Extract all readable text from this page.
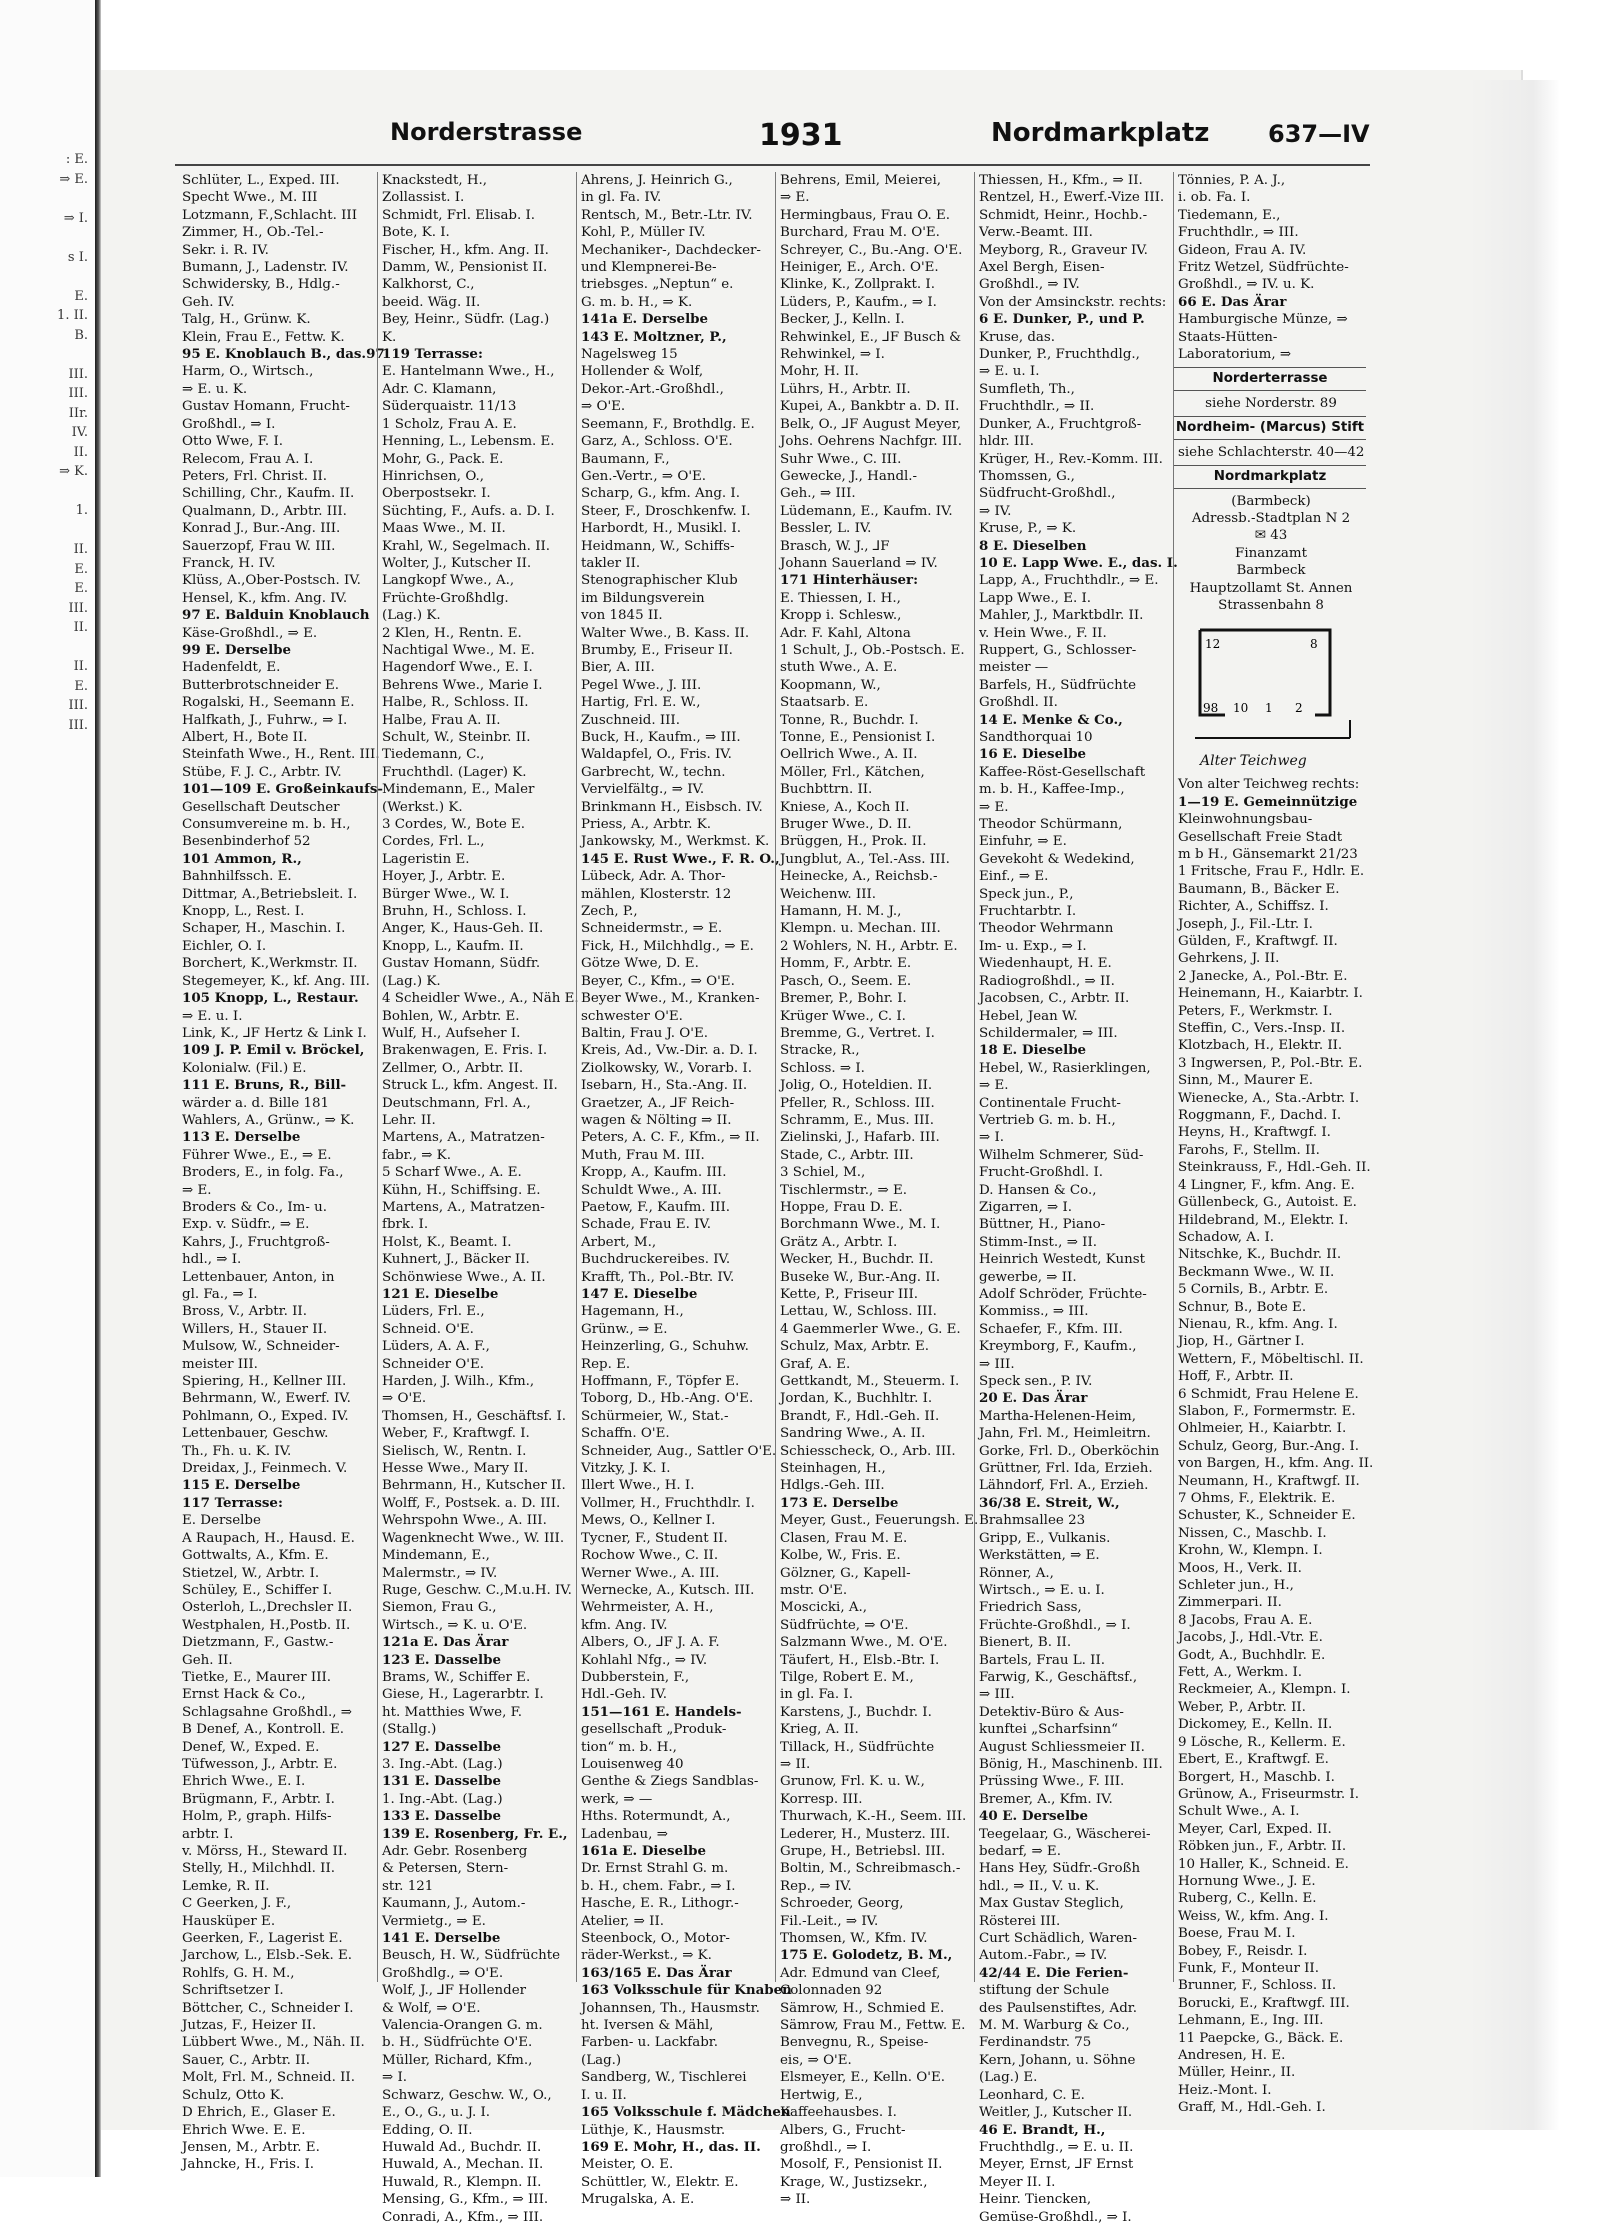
: E.
⇒ E.

⇒ I.

s I.

E.
1. II.
B.

III.
III.
IIr.
IV.
II.
⇒ K.

1.

II.
E.
E.
III.
II.

II.
E.
III.
III.
Norderstrasse	1931	Nordmarkplatz 637—IV
Schlüter, L., Exped. III.
Specht Wwe., M. III
Lotzmann, F.,Schlacht. III
Zimmer, H., Ob.-Tel.-
Sekr. i. R. IV.
Bumann, J., Ladenstr. IV.
Schwidersky, B., Hdlg.-
Geh. IV.
Talg, H., Grünw. K.
Klein, Frau E., Fettw. K.
95 E. Knoblauch B., das.97
Harm, O., Wirtsch.,
⇒ E. u. K.
Gustav Homann, Frucht-
Großhdl., ⇒ I.
Otto Wwe, F. I.
Relecom, Frau A. I.
Peters, Frl. Christ. II.
Schilling, Chr., Kaufm. II.
Qualmann, D., Arbtr. III.
Konrad J., Bur.-Ang. III.
Sauerzopf, Frau W. III.
Franck, H. IV.
Klüss, A.,Ober-Postsch. IV.
Hensel, K., kfm. Ang. IV.
97 E. Balduin Knoblauch
Käse-Großhdl., ⇒ E.
99 E. Derselbe
Hadenfeldt, E.
Butterbrotschneider E.
Rogalski, H., Seemann E.
Halfkath, J., Fuhrw., ⇒ I.
Albert, H., Bote II.
Steinfath Wwe., H., Rent. III.
Stübe, F. J. C., Arbtr. IV.
101—109 E. Großeinkaufs-
Gesellschaft Deutscher
Consumvereine m. b. H.,
Besenbinderhof 52
101 Ammon, R.,
Bahnhilfssch. E.
Dittmar, A.,Betriebsleit. I.
Knopp, L., Rest. I.
Schaper, H., Maschin. I.
Eichler, O. I.
Borchert, K.,Werkmstr. II.
Stegemeyer, K., kf. Ang. III.
105 Knopp, L., Restaur.
⇒ E. u. I.
Link, K., ⅃F Hertz & Link I.
109 J. P. Emil v. Bröckel,
Kolonialw. (Fil.) E.
111 E. Bruns, R., Bill-
wärder a. d. Bille 181
Wahlers, A., Grünw., ⇒ K.
113 E. Derselbe
Führer Wwe., E., ⇒ E.
Broders, E., in folg. Fa.,
⇒ E.
Broders & Co., Im- u.
Exp. v. Südfr., ⇒ E.
Kahrs, J., Fruchtgroß-
hdl., ⇒ I.
Lettenbauer, Anton, in
gl. Fa., ⇒ I.
Bross, V., Arbtr. II.
Willers, H., Stauer II.
Mulsow, W., Schneider-
meister III.
Spiering, H., Kellner III.
Behrmann, W., Ewerf. IV.
Pohlmann, O., Exped. IV.
Lettenbauer, Geschw.
Th., Fh. u. K. IV.
Dreidax, J., Feinmech. V.
115 E. Derselbe
117 Terrasse:
E. Derselbe
A Raupach, H., Hausd. E.
Gottwalts, A., Kfm. E.
Stietzel, W., Arbtr. I.
Schüley, E., Schiffer I.
Osterloh, L.,Drechsler II.
Westphalen, H.,Postb. II.
Dietzmann, F., Gastw.-
Geh. II.
Tietke, E., Maurer III.
Ernst Hack & Co.,
Schlagsahne Großhdl., ⇒
B Denef, A., Kontroll. E.
Denef, W., Exped. E.
Tüfwesson, J., Arbtr. E.
Ehrich Wwe., E. I.
Brügmann, F., Arbtr. I.
Holm, P., graph. Hilfs-
arbtr. I.
v. Mörss, H., Steward II.
Stelly, H., Milchhdl. II.
Lemke, R. II.
C Geerken, J. F.,
Hausküper E.
Geerken, F., Lagerist E.
Jarchow, L., Elsb.-Sek. E.
Rohlfs, G. H. M.,
Schriftsetzer I.
Böttcher, C., Schneider I.
Jutzas, F., Heizer II.
Lübbert Wwe., M., Näh. II.
Sauer, C., Arbtr. II.
Molt, Frl. M., Schneid. II.
Schulz, Otto K.
D Ehrich, E., Glaser E.
Ehrich Wwe. E. E.
Jensen, M., Arbtr. E.
Jahncke, H., Fris. I.
Knackstedt, H.,
Zollassist. I.
Schmidt, Frl. Elisab. I.
Bote, K. I.
Fischer, H., kfm. Ang. II.
Damm, W., Pensionist II.
Kalkhorst, C.,
beeid. Wäg. II.
Bey, Heinr., Südfr. (Lag.)
K.
119 Terrasse:
E. Hantelmann Wwe., H.,
Adr. C. Klamann,
Süderquaistr. 11/13
1 Scholz, Frau A. E.
Henning, L., Lebensm. E.
Mohr, G., Pack. E.
Hinrichsen, O.,
Oberpostsekr. I.
Süchting, F., Aufs. a. D. I.
Maas Wwe., M. II.
Krahl, W., Segelmach. II.
Wolter, J., Kutscher II.
Langkopf Wwe., A.,
Früchte-Großhdlg.
(Lag.) K.
2 Klen, H., Rentn. E.
Nachtigal Wwe., M. E.
Hagendorf Wwe., E. I.
Behrens Wwe., Marie I.
Halbe, R., Schloss. II.
Halbe, Frau A. II.
Schult, W., Steinbr. II.
Tiedemann, C.,
Fruchthdl. (Lager) K.
Mindemann, E., Maler
(Werkst.) K.
3 Cordes, W., Bote E.
Cordes, Frl. L.,
Lageristin E.
Hoyer, J., Arbtr. E.
Bürger Wwe., W. I.
Bruhn, H., Schloss. I.
Anger, K., Haus-Geh. II.
Knopp, L., Kaufm. II.
Gustav Homann, Südfr.
(Lag.) K.
4 Scheidler Wwe., A., Näh E.
Bohlen, W., Arbtr. E.
Wulf, H., Aufseher I.
Brakenwagen, E. Fris. I.
Zellmer, O., Arbtr. II.
Struck L., kfm. Angest. II.
Deutschmann, Frl. A.,
Lehr. II.
Martens, A., Matratzen-
fabr., ⇒ K.
5 Scharf Wwe., A. E.
Kühn, H., Schiffsing. E.
Martens, A., Matratzen-
fbrk. I.
Holst, K., Beamt. I.
Kuhnert, J., Bäcker II.
Schönwiese Wwe., A. II.
121 E. Dieselbe
Lüders, Frl. E.,
Schneid. O'E.
Lüders, A. A. F.,
Schneider O'E.
Harden, J. Wilh., Kfm.,
⇒ O'E.
Thomsen, H., Geschäftsf. I.
Weber, F., Kraftwgf. I.
Sielisch, W., Rentn. I.
Hesse Wwe., Mary II.
Behrmann, H., Kutscher II.
Wolff, F., Postsek. a. D. III.
Wehrspohn Wwe., A. III.
Wagenknecht Wwe., W. III.
Mindemann, E.,
Malermstr., ⇒ IV.
Ruge, Geschw. C.,M.u.H. IV.
Siemon, Frau G.,
Wirtsch., ⇒ K. u. O'E.
121a E. Das Ärar
123 E. Dasselbe
Brams, W., Schiffer E.
Giese, H., Lagerarbtr. I.
ht. Matthies Wwe, F.
(Stallg.)
127 E. Dasselbe
3. Ing.-Abt. (Lag.)
131 E. Dasselbe
1. Ing.-Abt. (Lag.)
133 E. Dasselbe
139 E. Rosenberg, Fr. E.,
Adr. Gebr. Rosenberg
& Petersen, Stern-
str. 121
Kaumann, J., Autom.-
Vermietg., ⇒ E.
141 E. Derselbe
Beusch, H. W., Südfrüchte
Großhdlg., ⇒ O'E.
Wolf, J., ⅃F Hollender
& Wolf, ⇒ O'E.
Valencia-Orangen G. m.
b. H., Südfrüchte O'E.
Müller, Richard, Kfm.,
⇒ I.
Schwarz, Geschw. W., O.,
E., O., G., u. J. I.
Edding, O. II.
Huwald Ad., Buchdr. II.
Huwald, A., Mechan. II.
Huwald, R., Klempn. II.
Mensing, G., Kfm., ⇒ III.
Conradi, A., Kfm., ⇒ III.
Ahrens, J. Heinrich G.,
in gl. Fa. IV.
Rentsch, M., Betr.-Ltr. IV.
Kohl, P., Müller IV.
Mechaniker-, Dachdecker-
und Klempnerei-Be-
triebsges. „Neptun“ e.
G. m. b. H., ⇒ K.
141a E. Derselbe
143 E. Moltzner, P.,
Nagelsweg 15
Hollender & Wolf,
Dekor.-Art.-Großhdl.,
⇒ O'E.
Seemann, F., Brothdlg. E.
Garz, A., Schloss. O'E.
Baumann, F.,
Gen.-Vertr., ⇒ O'E.
Scharp, G., kfm. Ang. I.
Steer, F., Droschkenfw. I.
Harbordt, H., Musikl. I.
Heidmann, W., Schiffs-
takler II.
Stenographischer Klub
im Bildungsverein
von 1845 II.
Walter Wwe., B. Kass. II.
Brumby, E., Friseur II.
Bier, A. III.
Pegel Wwe., J. III.
Hartig, Frl. E. W.,
Zuschneid. III.
Buck, H., Kaufm., ⇒ III.
Waldapfel, O., Fris. IV.
Garbrecht, W., techn.
Vervielfältg., ⇒ IV.
Brinkmann H., Eisbsch. IV.
Priess, A., Arbtr. K.
Jankowsky, M., Werkmst. K.
145 E. Rust Wwe., F. R. O.,
Lübeck, Adr. A. Thor-
mählen, Klosterstr. 12
Zech, P.,
Schneidermstr., ⇒ E.
Fick, H., Milchhdlg., ⇒ E.
Götze Wwe, D. E.
Beyer, C., Kfm., ⇒ O'E.
Beyer Wwe., M., Kranken-
schwester O'E.
Baltin, Frau J. O'E.
Kreis, Ad., Vw.-Dir. a. D. I.
Ziolkowsky, W., Vorarb. I.
Isebarn, H., Sta.-Ang. II.
Graetzer, A., ⅃F Reich-
wagen & Nölting ⇒ II.
Peters, A. C. F., Kfm., ⇒ II.
Muth, Frau M. III.
Kropp, A., Kaufm. III.
Schuldt Wwe., A. III.
Paetow, F., Kaufm. III.
Schade, Frau E. IV.
Arbert, M.,
Buchdruckereibes. IV.
Krafft, Th., Pol.-Btr. IV.
147 E. Dieselbe
Hagemann, H.,
Grünw., ⇒ E.
Heinzerling, G., Schuhw.
Rep. E.
Hoffmann, F., Töpfer E.
Toborg, D., Hb.-Ang. O'E.
Schürmeier, W., Stat.-
Schaffn. O'E.
Schneider, Aug., Sattler O'E.
Vitzky, J. K. I.
Illert Wwe., H. I.
Vollmer, H., Fruchthdlr. I.
Mews, O., Kellner I.
Tycner, F., Student II.
Rochow Wwe., C. II.
Werner Wwe., A. III.
Wernecke, A., Kutsch. III.
Wehrmeister, A. H.,
kfm. Ang. IV.
Albers, O., ⅃F J. A. F.
Kohlahl Nfg., ⇒ IV.
Dubberstein, F.,
Hdl.-Geh. IV.
151—161 E. Handels-
gesellschaft „Produk-
tion“ m. b. H.,
Louisenweg 40
Genthe & Ziegs Sandblas-
werk, ⇒ —
Hths. Rotermundt, A.,
Ladenbau, ⇒
161a E. Dieselbe
Dr. Ernst Strahl G. m.
b. H., chem. Fabr., ⇒ I.
Hasche, E. R., Lithogr.-
Atelier, ⇒ II.
Steenbock, O., Motor-
räder-Werkst., ⇒ K.
163/165 E. Das Ärar
163 Volksschule für Knaben
Johannsen, Th., Hausmstr.
ht. Iversen & Mähl,
Farben- u. Lackfabr.
(Lag.)
Sandberg, W., Tischlerei
I. u. II.
165 Volksschule f. Mädchen
Lüthje, K., Hausmstr.
169 E. Mohr, H., das. II.
Meister, O. E.
Schüttler, W., Elektr. E.
Mrugalska, A. E.
Behrens, Emil, Meierei,
⇒ E.
Hermingbaus, Frau O. E.
Burchard, Frau M. O'E.
Schreyer, C., Bu.-Ang. O'E.
Heiniger, E., Arch. O'E.
Klinke, K., Zollprakt. I.
Lüders, P., Kaufm., ⇒ I.
Becker, J., Kelln. I.
Rehwinkel, E., ⅃F Busch &
Rehwinkel, ⇒ I.
Mohr, H. II.
Lührs, H., Arbtr. II.
Kupei, A., Bankbtr a. D. II.
Belk, O., ⅃F August Meyer,
Johs. Oehrens Nachfgr. III.
Suhr Wwe., C. III.
Gewecke, J., Handl.-
Geh., ⇒ III.
Lüdemann, E., Kaufm. IV.
Bessler, L. IV.
Brasch, W. J., ⅃F
Johann Sauerland ⇒ IV.
171 Hinterhäuser:
E. Thiessen, I. H.,
Kropp i. Schlesw.,
Adr. F. Kahl, Altona
1 Schult, J., Ob.-Postsch. E.
stuth Wwe., A. E.
Koopmann, W.,
Staatsarb. E.
Tonne, R., Buchdr. I.
Tonne, E., Pensionist I.
Oellrich Wwe., A. II.
Möller, Frl., Kätchen,
Buchbttrn. II.
Kniese, A., Koch II.
Bruger Wwe., D. II.
Brüggen, H., Prok. II.
Jungblut, A., Tel.-Ass. III.
Heinecke, A., Reichsb.-
Weichenw. III.
Hamann, H. M. J.,
Klempn. u. Mechan. III.
2 Wohlers, N. H., Arbtr. E.
Homm, F., Arbtr. E.
Pasch, O., Seem. E.
Bremer, P., Bohr. I.
Krüger Wwe., C. I.
Bremme, G., Vertret. I.
Stracke, R.,
Schloss. ⇒ I.
Jolig, O., Hoteldien. II.
Pfeller, R., Schloss. III.
Schramm, E., Mus. III.
Zielinski, J., Hafarb. III.
Stade, C., Arbtr. III.
3 Schiel, M.,
Tischlermstr., ⇒ E.
Hoppe, Frau D. E.
Borchmann Wwe., M. I.
Grätz A., Arbtr. I.
Wecker, H., Buchdr. II.
Buseke W., Bur.-Ang. II.
Kette, P., Friseur III.
Lettau, W., Schloss. III.
4 Gaemmerler Wwe., G. E.
Schulz, Max, Arbtr. E.
Graf, A. E.
Gettkandt, M., Steuerm. I.
Jordan, K., Buchhltr. I.
Brandt, F., Hdl.-Geh. II.
Sandring Wwe., A. II.
Schiesscheck, O., Arb. III.
Steinhagen, H.,
Hdlgs.-Geh. III.
173 E. Derselbe
Meyer, Gust., Feuerungsh. E.
Clasen, Frau M. E.
Kolbe, W., Fris. E.
Gölzner, G., Kapell-
mstr. O'E.
Moscicki, A.,
Südfrüchte, ⇒ O'E.
Salzmann Wwe., M. O'E.
Täufert, H., Elsb.-Btr. I.
Tilge, Robert E. M.,
in gl. Fa. I.
Karstens, J., Buchdr. I.
Krieg, A. II.
Tillack, H., Südfrüchte
⇒ II.
Grunow, Frl. K. u. W.,
Korresp. III.
Thurwach, K.-H., Seem. III.
Lederer, H., Musterz. III.
Grupe, H., Betriebsl. III.
Boltin, M., Schreibmasch.-
Rep., ⇒ IV.
Schroeder, Georg,
Fil.-Leit., ⇒ IV.
Thomsen, W., Kfm. IV.
175 E. Golodetz, B. M.,
Adr. Edmund van Cleef,
Colonnaden 92
Sämrow, H., Schmied E.
Sämrow, Frau M., Fettw. E.
Benvegnu, R., Speise-
eis, ⇒ O'E.
Elsmeyer, E., Kelln. O'E.
Hertwig, E.,
Kaffeehausbes. I.
Albers, G., Frucht-
großhdl., ⇒ I.
Mosolf, F., Pensionist II.
Krage, W., Justizsekr.,
⇒ II.
Thiessen, H., Kfm., ⇒ II.
Rentzel, H., Ewerf.-Vize III.
Schmidt, Heinr., Hochb.-
Verw.-Beamt. III.
Meyborg, R., Graveur IV.
Axel Bergh, Eisen-
Großhdl., ⇒ IV.
Von der Amsinckstr. rechts:
6 E. Dunker, P., und P.
Kruse, das.
Dunker, P., Fruchthdlg.,
⇒ E. u. I.
Sumfleth, Th.,
Fruchthdlr., ⇒ II.
Dunker, A., Fruchtgroß-
hldr. III.
Krüger, H., Rev.-Komm. III.
Thomssen, G.,
Südfrucht-Großhdl.,
⇒ IV.
Kruse, P., ⇒ K.
8 E. Dieselben
10 E. Lapp Wwe. E., das. I.
Lapp, A., Fruchthdlr., ⇒ E.
Lapp Wwe., E. I.
Mahler, J., Marktbdlr. II.
v. Hein Wwe., F. II.
Ruppert, G., Schlosser-
meister —
Barfels, H., Südfrüchte
Großhdl. II.
14 E. Menke & Co.,
Sandthorquai 10
16 E. Dieselbe
Kaffee-Röst-Gesellschaft
m. b. H., Kaffee-Imp.,
⇒ E.
Theodor Schürmann,
Einfuhr, ⇒ E.
Gevekoht & Wedekind,
Einf., ⇒ E.
Speck jun., P.,
Fruchtarbtr. I.
Theodor Wehrmann
Im- u. Exp., ⇒ I.
Wiedenhaupt, H. E.
Radiogroßhdl., ⇒ II.
Jacobsen, C., Arbtr. II.
Hebel, Jean W.
Schildermaler, ⇒ III.
18 E. Dieselbe
Hebel, W., Rasierklingen,
⇒ E.
Continentale Frucht-
Vertrieb G. m. b. H.,
⇒ I.
Wilhelm Schmerer, Süd-
Frucht-Großhdl. I.
D. Hansen & Co.,
Zigarren, ⇒ I.
Büttner, H., Piano-
Stimm-Inst., ⇒ II.
Heinrich Westedt, Kunst
gewerbe, ⇒ II.
Adolf Schröder, Früchte-
Kommiss., ⇒ III.
Schaefer, F., Kfm. III.
Kreymborg, F., Kaufm.,
⇒ III.
Speck sen., P. IV.
20 E. Das Ärar
Martha-Helenen-Heim,
Jahn, Frl. M., Heimleitrn.
Gorke, Frl. D., Oberköchin
Grüttner, Frl. Ida, Erzieh.
Lähndorf, Frl. A., Erzieh.
36/38 E. Streit, W.,
Brahmsallee 23
Gripp, E., Vulkanis.
Werkstätten, ⇒ E.
Rönner, A.,
Wirtsch., ⇒ E. u. I.
Friedrich Sass,
Früchte-Großhdl., ⇒ I.
Bienert, B. II.
Bartels, Frau L. II.
Farwig, K., Geschäftsf.,
⇒ III.
Detektiv-Büro & Aus-
kunftei „Scharfsinn“
August Schliessmeier II.
Bönig, H., Maschinenb. III.
Prüssing Wwe., F. III.
Bremer, A., Kfm. IV.
40 E. Derselbe
Teegelaar, G., Wäscherei-
bedarf, ⇒ E.
Hans Hey, Südfr.-Großh
hdl., ⇒ II., V. u. K.
Max Gustav Steglich,
Rösterei III.
Curt Schädlich, Waren-
Autom.-Fabr., ⇒ IV.
42/44 E. Die Ferien-
stiftung der Schule
des Paulsenstiftes, Adr.
M. M. Warburg & Co.,
Ferdinandstr. 75
Kern, Johann, u. Söhne
(Lag.) E.
Leonhard, C. E.
Weitler, J., Kutscher II.
46 E. Brandt, H.,
Fruchthdlg., ⇒ E. u. II.
Meyer, Ernst, ⅃F Ernst
Meyer II. I.
Heinr. Tiencken,
Gemüse-Großhdl., ⇒ I.
Tönnies, P. A. J.,
i. ob. Fa. I.
Tiedemann, E.,
Fruchthdlr., ⇒ III.
Gideon, Frau A. IV.
Fritz Wetzel, Südfrüchte-
Großhdl., ⇒ IV. u. K.
66 E. Das Ärar
Hamburgische Münze, ⇒
Staats-Hütten-
Laboratorium, ⇒
Norderterrasse
siehe Norderstr. 89
Nordheim- (Marcus) Stift
siehe Schlachterstr. 40—42
Nordmarkplatz
(Barmbeck)
Adressb.-Stadtplan N 2
✉ 43
Finanzamt
Barmbeck
Hauptzollamt St. Annen
Strassenbahn 8
12	8
98 10 1 2
Alter Teichweg
Von alter Teichweg rechts:
1—19 E. Gemeinnützige
Kleinwohnungsbau-
Gesellschaft Freie Stadt
m b H., Gänsemarkt 21/23
1 Fritsche, Frau F., Hdlr. E.
Baumann, B., Bäcker E.
Richter, A., Schiffsz. I.
Joseph, J., Fil.-Ltr. I.
Gülden, F., Kraftwgf. II.
Gehrkens, J. II.
2 Janecke, A., Pol.-Btr. E.
Heinemann, H., Kaiarbtr. I.
Peters, F., Werkmstr. I.
Steffin, C., Vers.-Insp. II.
Klotzbach, H., Elektr. II.
3 Ingwersen, P., Pol.-Btr. E.
Sinn, M., Maurer E.
Wienecke, A., Sta.-Arbtr. I.
Roggmann, F., Dachd. I.
Heyns, H., Kraftwgf. I.
Farohs, F., Stellm. II.
Steinkrauss, F., Hdl.-Geh. II.
4 Lingner, F., kfm. Ang. E.
Güllenbeck, G., Autoist. E.
Hildebrand, M., Elektr. I.
Schadow, A. I.
Nitschke, K., Buchdr. II.
Beckmann Wwe., W. II.
5 Cornils, B., Arbtr. E.
Schnur, B., Bote E.
Nienau, R., kfm. Ang. I.
Jiop, H., Gärtner I.
Wettern, F., Möbeltischl. II.
Hoff, F., Arbtr. II.
6 Schmidt, Frau Helene E.
Slabon, F., Formermstr. E.
Ohlmeier, H., Kaiarbtr. I.
Schulz, Georg, Bur.-Ang. I.
von Bargen, H., kfm. Ang. II.
Neumann, H., Kraftwgf. II.
7 Ohms, F., Elektrik. E.
Schuster, K., Schneider E.
Nissen, C., Maschb. I.
Krohn, W., Klempn. I.
Moos, H., Verk. II.
Schleter jun., H.,
Zimmerpari. II.
8 Jacobs, Frau A. E.
Jacobs, J., Hdl.-Vtr. E.
Godt, A., Buchhdlr. E.
Fett, A., Werkm. I.
Reckmeier, A., Klempn. I.
Weber, P., Arbtr. II.
Dickomey, E., Kelln. II.
9 Lösche, R., Kellerm. E.
Ebert, E., Kraftwgf. E.
Borgert, H., Maschb. I.
Grünow, A., Friseurmstr. I.
Schult Wwe., A. I.
Meyer, Carl, Exped. II.
Röbken jun., F., Arbtr. II.
10 Haller, K., Schneid. E.
Hornung Wwe., J. E.
Ruberg, C., Kelln. E.
Weiss, W., kfm. Ang. I.
Boese, Frau M. I.
Bobey, F., Reisdr. I.
Funk, F., Monteur II.
Brunner, F., Schloss. II.
Borucki, E., Kraftwgf. III.
Lehmann, E., Ing. III.
11 Paepcke, G., Bäck. E.
Andresen, H. E.
Müller, Heinr., II.
Heiz.-Mont. I.
Graff, M., Hdl.-Geh. I.
